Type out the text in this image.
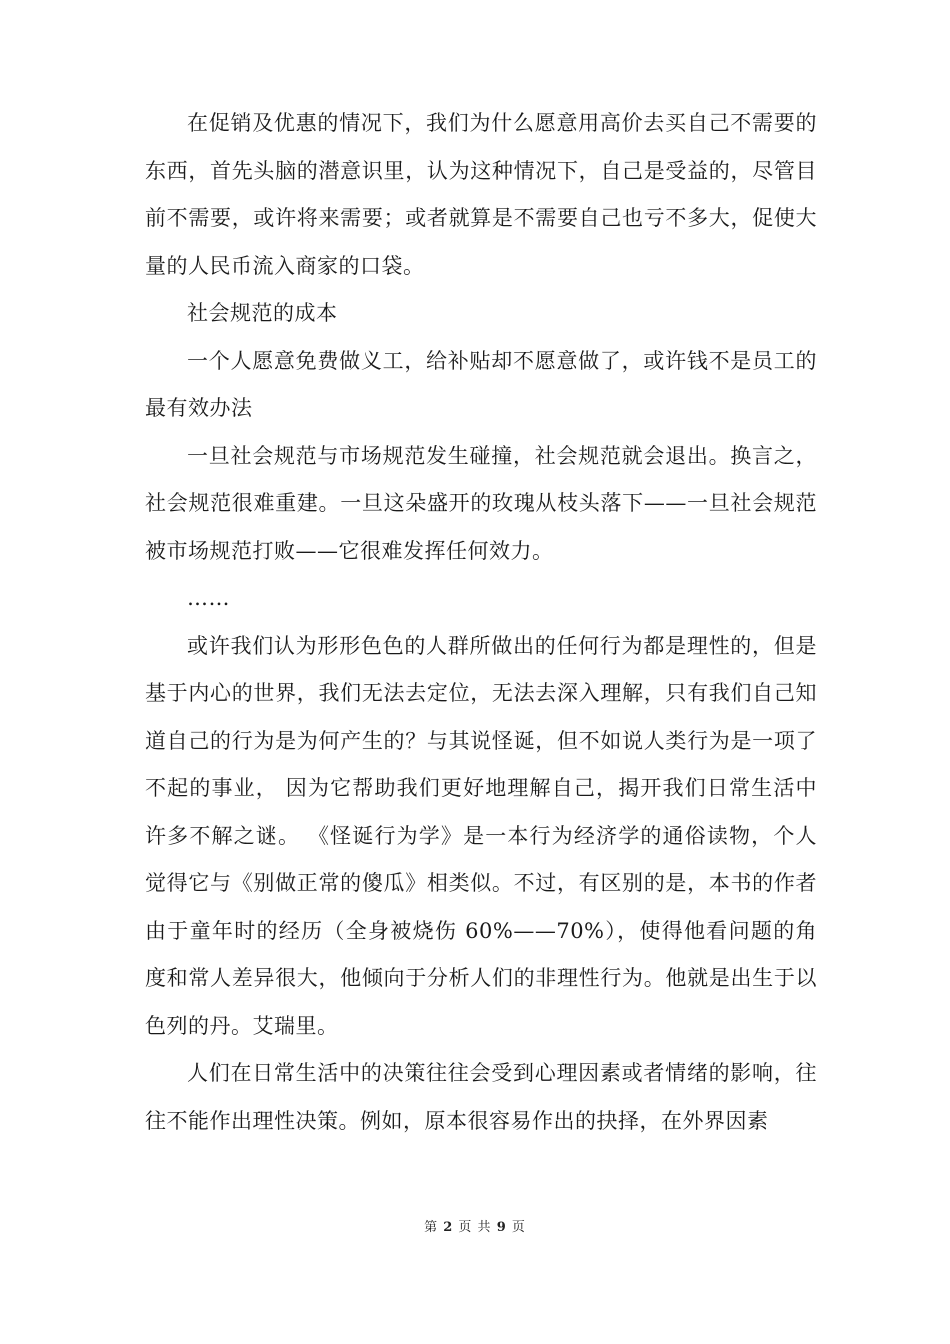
在促销及优惠的情况下，我们为什么愿意用高价去买自己不需要的东西，首先头脑的潜意识里，认为这种情况下，自己是受益的，尽管目前不需要，或许将来需要；或者就算是不需要自己也亏不多大，促使大量的人民币流入商家的口袋。

社会规范的成本

一个人愿意免费做义工，给补贴却不愿意做了，或许钱不是员工的最有效办法

一旦社会规范与市场规范发生碰撞，社会规范就会退出。换言之，社会规范很难重建。一旦这朵盛开的玫瑰从枝头落下——一旦社会规范被市场规范打败——它很难发挥任何效力。

……

或许我们认为形形色色的人群所做出的任何行为都是理性的，但是基于内心的世界，我们无法去定位，无法去深入理解，只有我们自己知道自己的行为是为何产生的？与其说怪诞，但不如说人类行为是一项了不起的事业， 因为它帮助我们更好地理解自己，揭开我们日常生活中许多不解之谜。 《怪诞行为学》是一本行为经济学的通俗读物，个人觉得它与《别做正常的傻瓜》相类似。不过，有区别的是，本书的作者由于童年时的经历（全身被烧伤 60%——70%），使得他看问题的角度和常人差异很大，他倾向于分析人们的非理性行为。他就是出生于以色列的丹。艾瑞里。

人们在日常生活中的决策往往会受到心理因素或者情绪的影响，往往不能作出理性决策。例如，原本很容易作出的抉择，在外界因素

第 2 页 共 9 页
